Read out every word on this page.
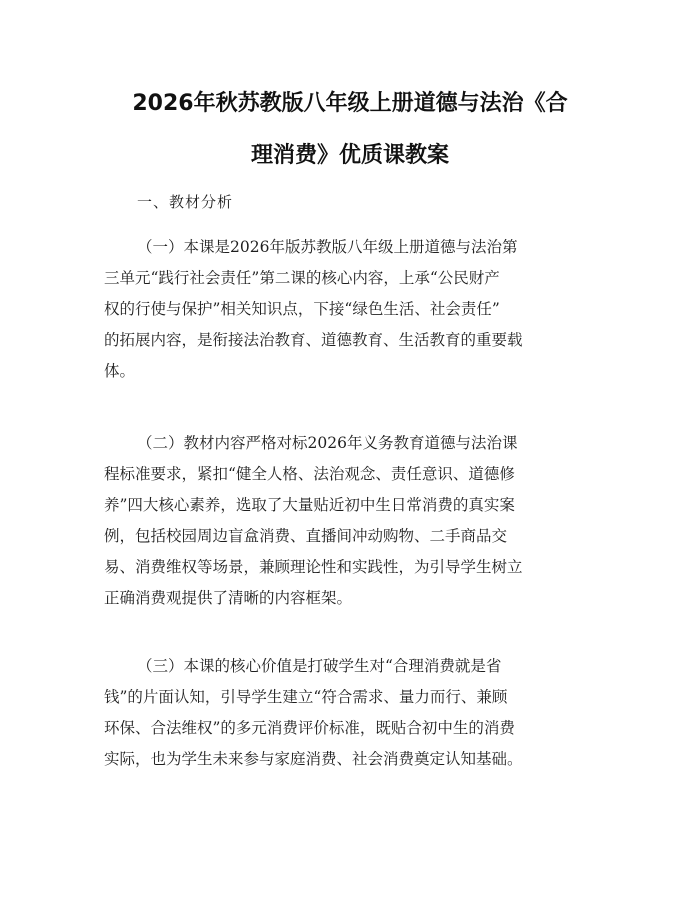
2026年秋苏教版八年级上册道德与法治《合
理消费》优质课教案
一、教材分析
（一）本课是2026年版苏教版八年级上册道德与法治第
三单元“践行社会责任”第二课的核心内容，上承“公民财产
权的行使与保护”相关知识点，下接“绿色生活、社会责任”
的拓展内容，是衔接法治教育、道德教育、生活教育的重要载
体。
（二）教材内容严格对标2026年义务教育道德与法治课
程标准要求，紧扣“健全人格、法治观念、责任意识、道德修
养”四大核心素养，选取了大量贴近初中生日常消费的真实案
例，包括校园周边盲盒消费、直播间冲动购物、二手商品交
易、消费维权等场景，兼顾理论性和实践性，为引导学生树立
正确消费观提供了清晰的内容框架。
（三）本课的核心价值是打破学生对“合理消费就是省
钱”的片面认知，引导学生建立“符合需求、量力而行、兼顾
环保、合法维权”的多元消费评价标准，既贴合初中生的消费
实际，也为学生未来参与家庭消费、社会消费奠定认知基础。
